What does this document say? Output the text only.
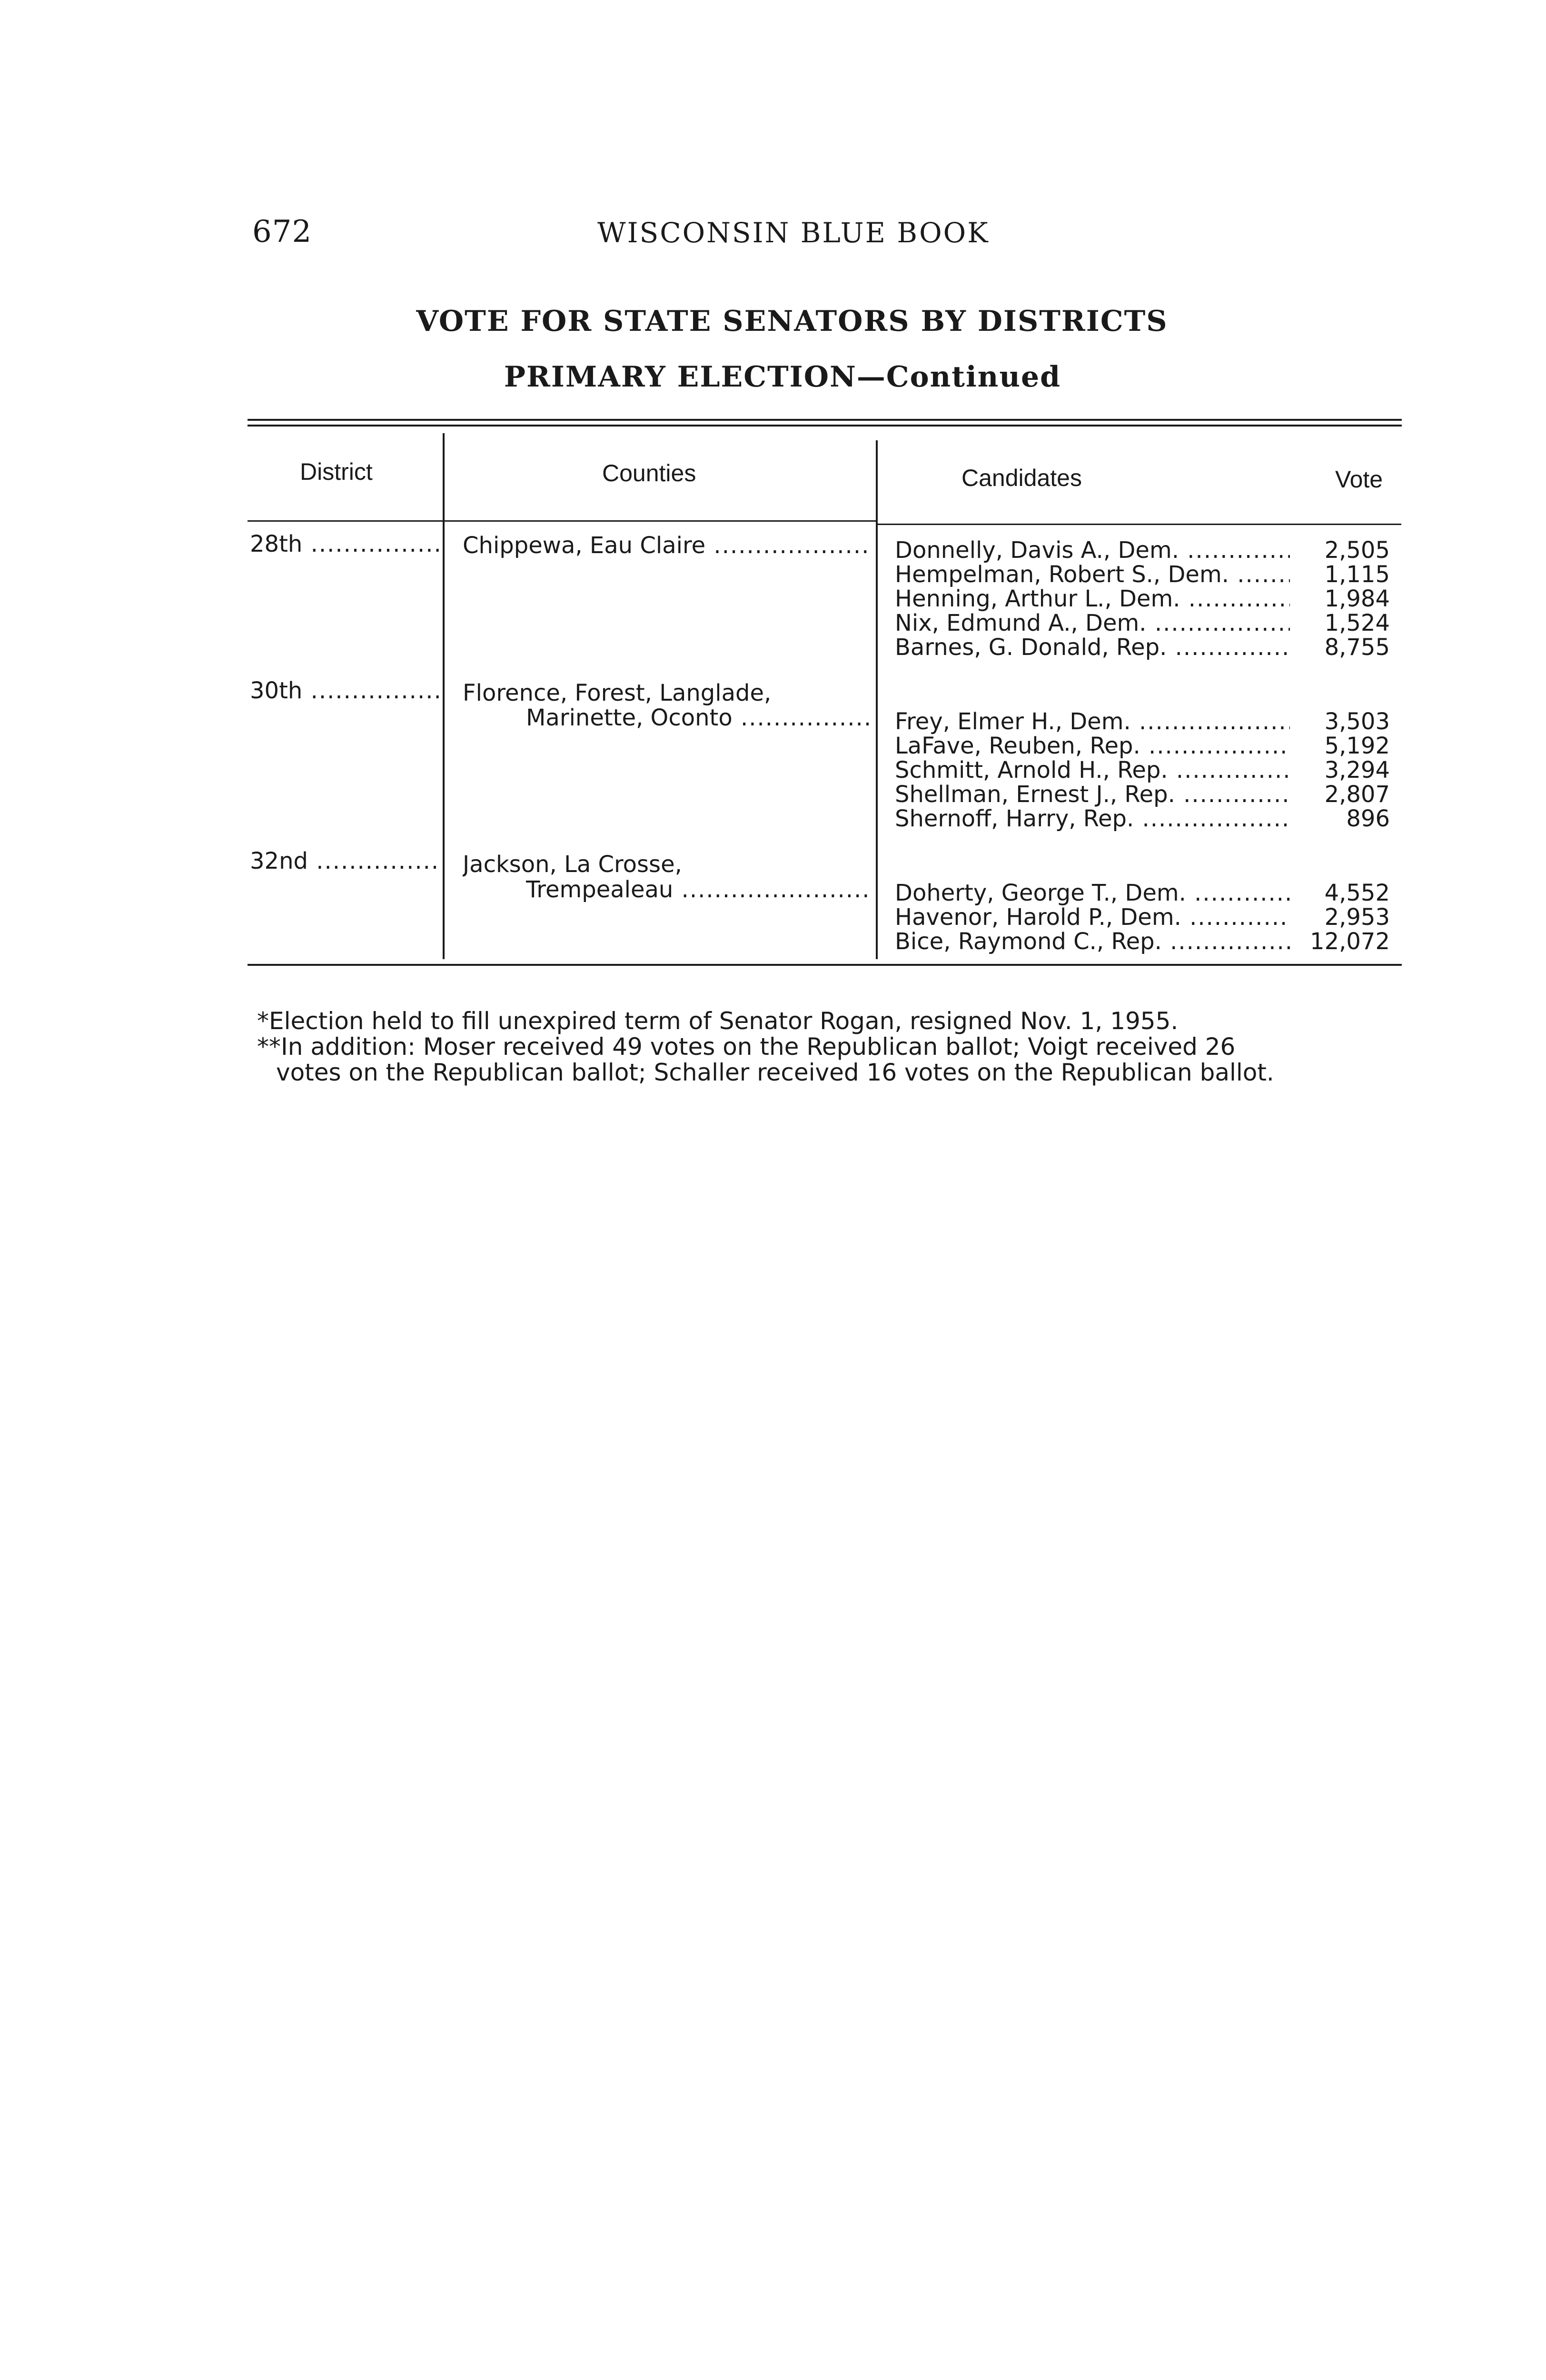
672	WISCONSIN BLUE BOOK
VOTE FOR STATE SENATORS BY DISTRICTS
PRIMARY ELECTION—Continued
District	Counties	Candidates	Vote
28th .....	Chippewa, Eau Claire .....	Donnelly, Davis A., Dem. .....	2,505
Hempelman, Robert S., Dem. .....	1,115
Henning, Arthur L., Dem. .....	1,984
Nix, Edmund A., Dem. .....	1,524
Barnes, G. Donald, Rep. .....	8,755
30th .....	Florence, Forest, Langlade,
Marinette, Oconto .....	Frey, Elmer H., Dem. .....	3,503
LaFave, Reuben, Rep. .....	5,192
Schmitt, Arnold H., Rep. .....	3,294
Shellman, Ernest J., Rep. .....	2,807
Shernoff, Harry, Rep. .....	896
32nd .....	Jackson, La Crosse,
Trempealeau .....	Doherty, George T., Dem. .....	4,552
Havenor, Harold P., Dem. .....	2,953
Bice, Raymond C., Rep. .....	12,072
*Election held to fill unexpired term of Senator Rogan, resigned Nov. 1, 1955.
**In addition: Moser received 49 votes on the Republican ballot; Voigt received 26
votes on the Republican ballot; Schaller received 16 votes on the Republican ballot.
